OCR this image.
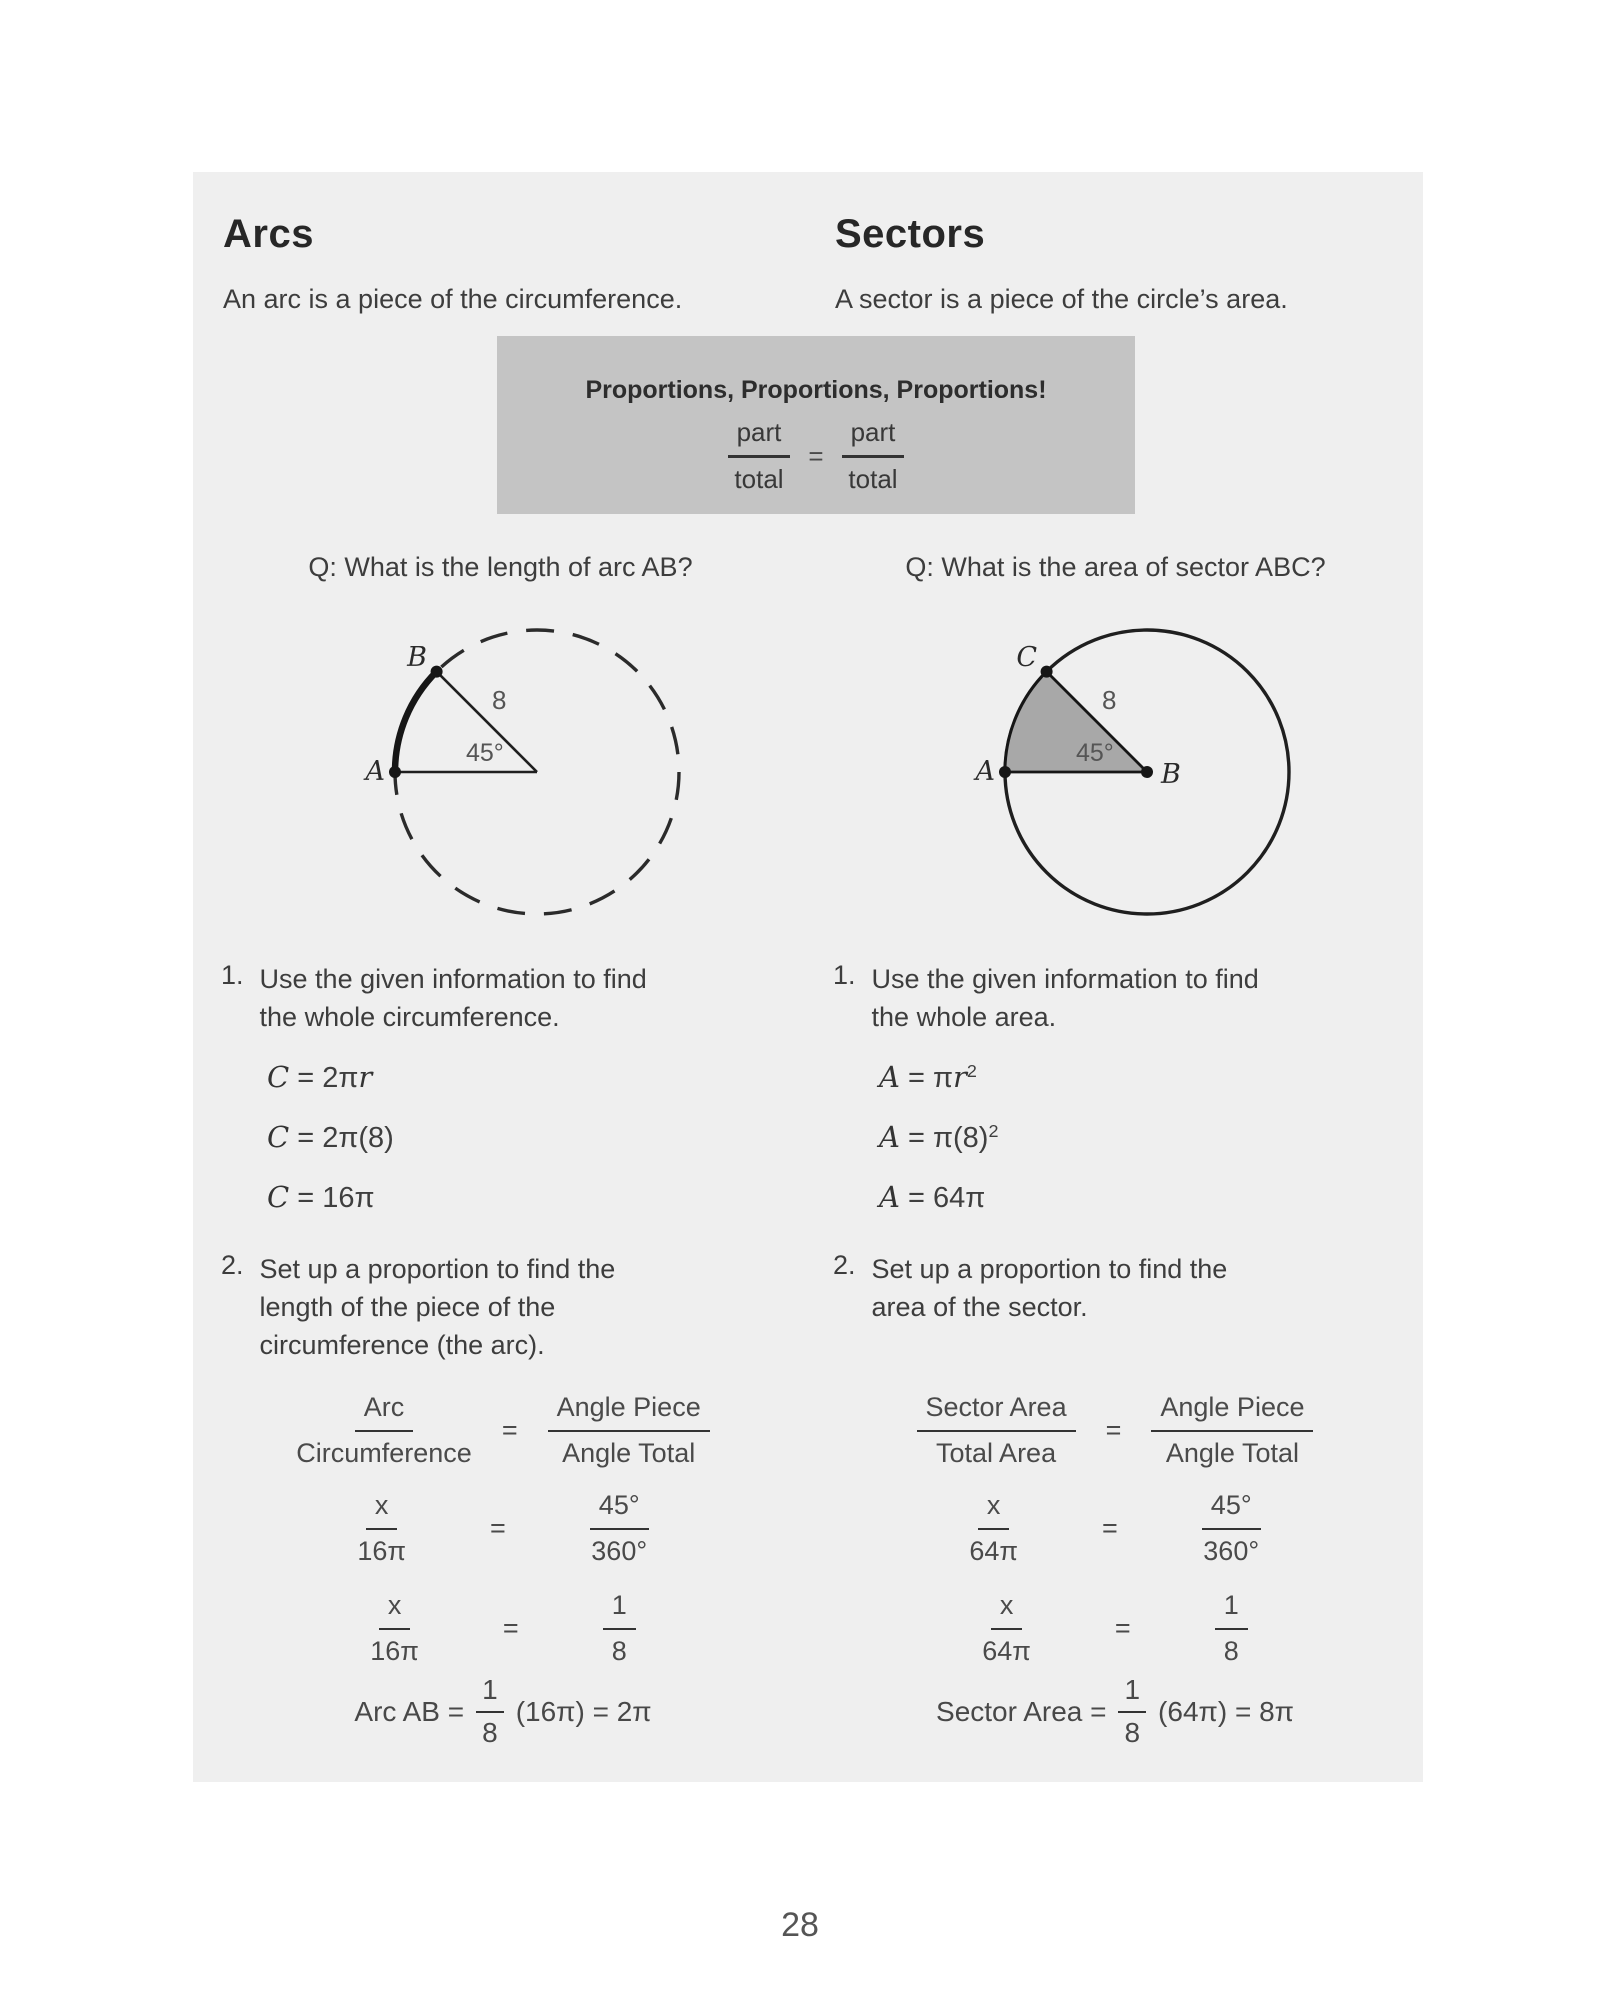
Arcs	Sectors
An arc is a piece of the circumference.	A sector is a piece of the circle’s area.
Proportions, Proportions, Proportions!
part
total
=
part
total
Q: What is the length of arc AB?	Q: What is the area of sector ABC?
A
B
8
45°
A
C
B
8
45°
1. Use the given information to find
the whole circumference.
1. Use the given information to find
the whole area.
C = 2πr
C = 2π(8)
C = 16π
$A = \pi r^2$
$A = \pi(8)^2$
A = 64π
2. Set up a proportion to find the
length of the piece of the
circumference (the arc).
2. Set up a proportion to find the
area of the sector.
Arc
Circumference
=
Angle Piece
Angle Total
Sector Area
Total Area
=
Angle Piece
Angle Total
$\frac{x}{16\pi}$	=	$\frac{45^\circ}{360^\circ}$	$\frac{x}{64\pi}$	=	$\frac{45^\circ}{360^\circ}$
$\frac{x}{16\pi}$	=	$\frac{1}{8}$	$\frac{x}{64\pi}$	=	$\frac{1}{8}$
Arc AB = $\frac{1}{8} (16\pi) = 2\pi$	Sector Area = $\frac{1}{8} (64\pi) = 8\pi$
28
